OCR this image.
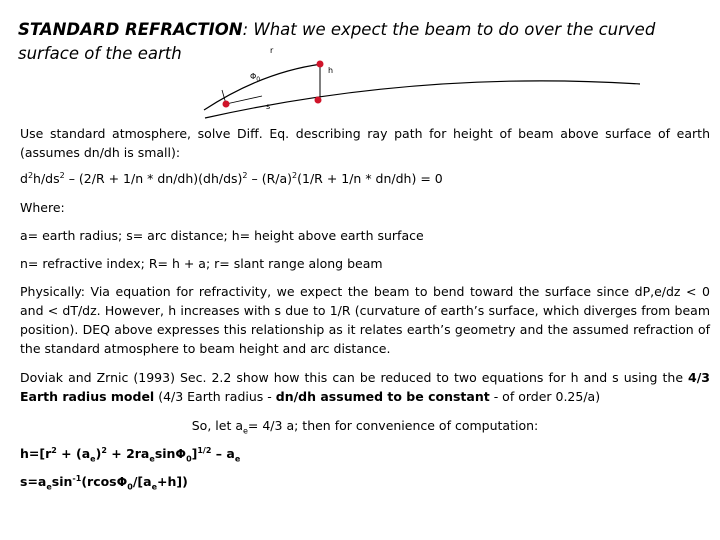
STANDARD REFRACTION: What we expect the beam to do over the curved surface of the earth	r
h
$\Phi_0$
s

Use standard atmosphere, solve Diff. Eq. describing ray path for height of beam above surface of earth (assumes dn/dh is small):

$d^2h/ds^2 - (2/R + 1/n * dn/dh)(dh/ds)^2 - (R/a)^2(1/R + 1/n * dn/dh) = 0$

Where:

a= earth radius; s= arc distance; h= height above earth surface

n= refractive index; R= h + a; r= slant range along beam

Physically: Via equation for refractivity, we expect the beam to bend toward the surface since dP,e/dz < 0 and < dT/dz. However, h increases with s due to 1/R (curvature of earth’s surface, which diverges from beam position). DEQ above expresses this relationship as it relates earth’s geometry and the assumed refraction of the standard atmosphere to beam height and arc distance.

Doviak and Zrnic (1993) Sec. 2.2 show how this can be reduced to two equations for h and s using the 4/3 Earth radius model (4/3 Earth radius - dn/dh assumed to be constant - of order 0.25/a)

So, let $a_e= 4/3$ a; then for convenience of computation:

$h=[r^2 + (a_e)^2 + 2ra_e\sin\Phi_0]^{1/2} - a_e$

$s=a_e\sin^{-1}(rcos\Phi_0/[a_e+h])$
